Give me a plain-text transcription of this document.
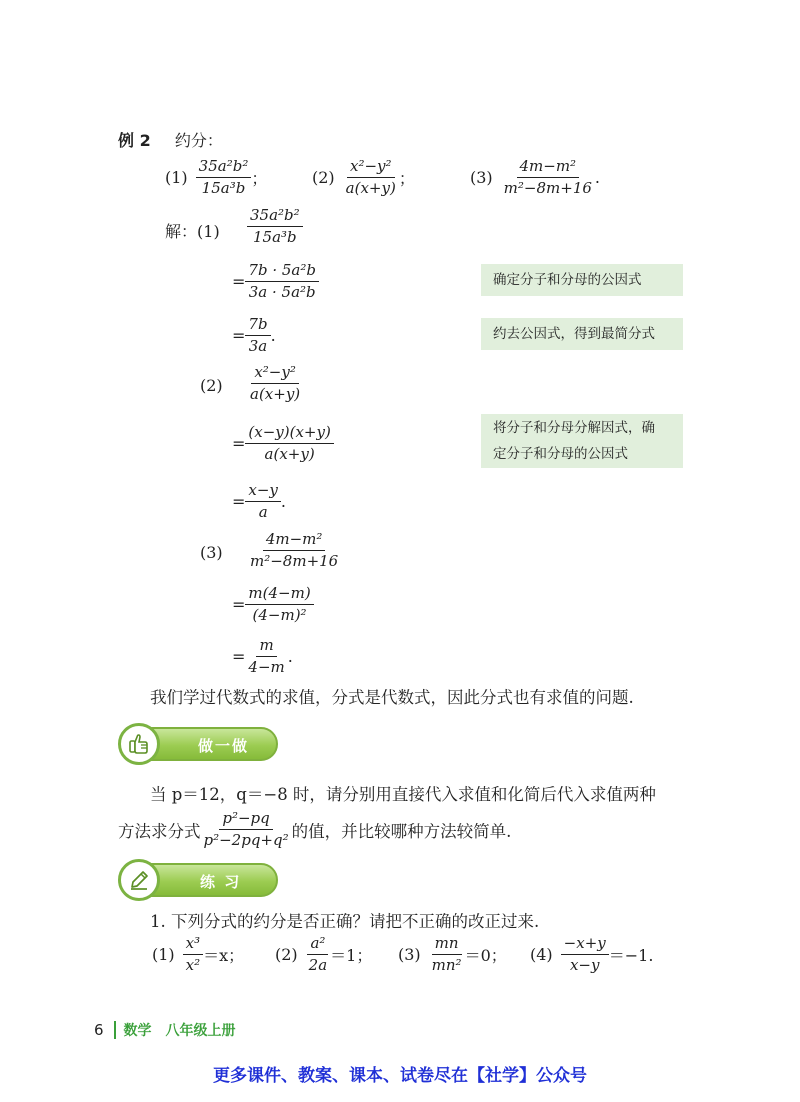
例 2 约分：
$(1) \frac{\text{35a²b²}}{\text{15a³b}}$ ；	$(2) \frac{\text{x²−y²}}{a(x+y)}$ ；	$(3) \frac{\text{4m−m²}}{\text{m²−8m+16}}$ .
解：$(1) \frac{\text{35a²b²}}{\text{15a³b}}$
= $\frac{\text{7b · 5a²b}}{\text{3a · 5a²b}}$
= $\frac{7b}{3a}$ .
确定分子和分母的公因式
约去公因式，得到最简分式
将分子和分母分解因式，确
定分子和分母的公因式
$(2) \frac{\text{x²−y²}}{a(x+y)}$
= $\frac{(x-y)(x+y)}{a(x+y)}$
= $\frac{x-y}{a}$ .
$(3) \frac{\text{4m−m²}}{\text{m²−8m+16}}$
= $\frac{m(4-m)}{\text{(4−m)²}}$
= $\frac{m}{4-m}$ .
我们学过代数式的求值，分式是代数式，因此分式也有求值的问题.
做一做
当 p＝12，q＝−8 时，请分别用直接代入求值和化简后代入求值两种
方法求分式 $\frac{\text{p²−pq}}{\text{p²−2pq+q²}}$ 的值，并比较哪种方法较简单.
练 习
1. 下列分式的约分是否正确？请把不正确的改正过来.
$(1) \frac{\text{x³}}{\text{x²}} =x$； $(2) \frac{\text{a²}}{2a} =1$； $(3) \frac{mn}{\text{mn²}} =0$； $(4) \frac{-x+y}{x-y} =-1$.
6 数学　八年级上册
更多课件、教案、课本、试卷尽在【社学】公众号
